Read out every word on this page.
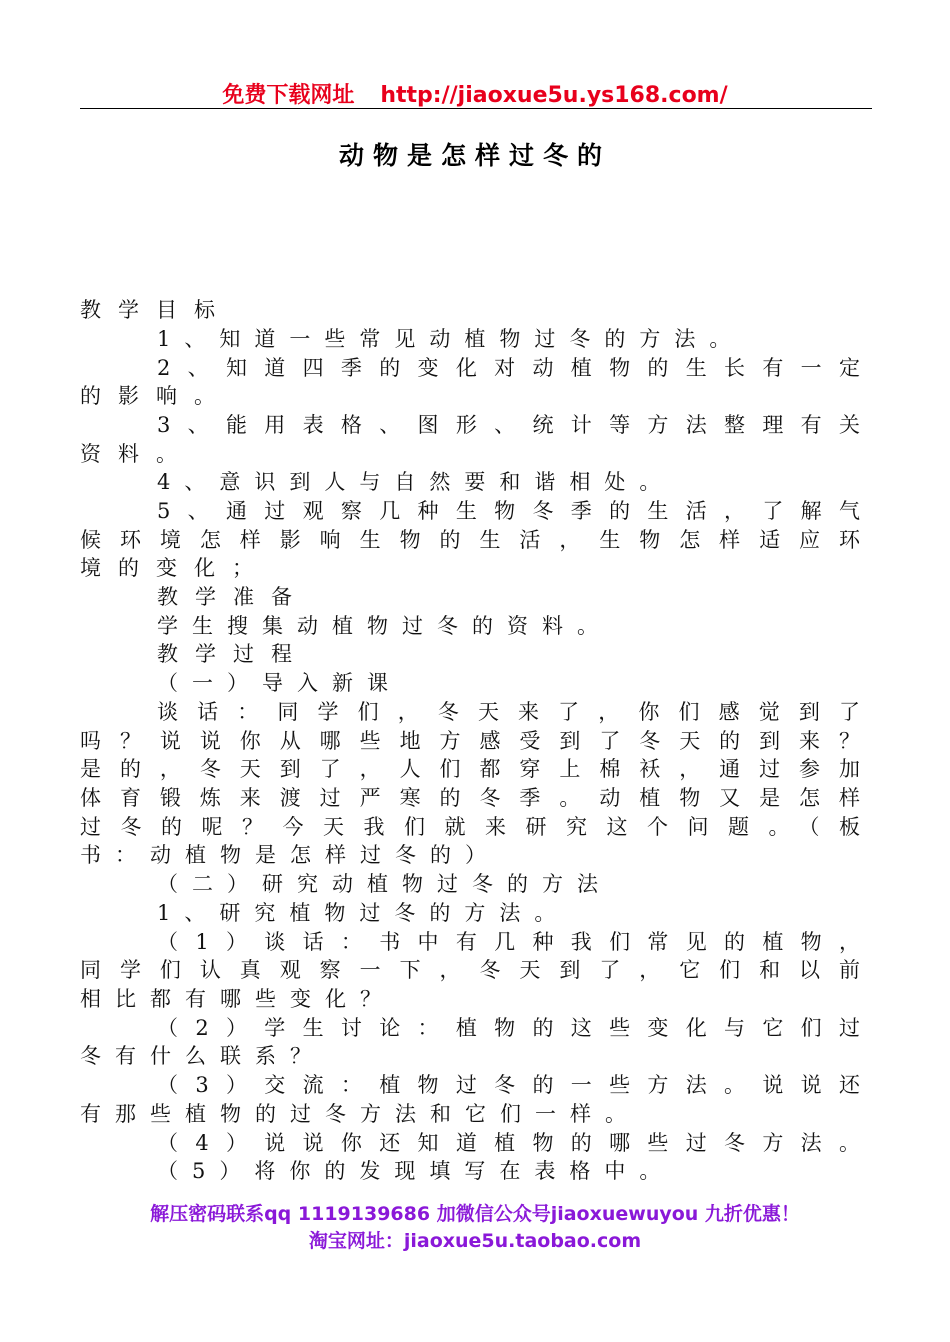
免费下载网址 http://jiaoxue5u.ys168.com/
动物是怎样过冬的
教学目标
1、知道一些常见动植物过冬的方法。
2、知道四季的变化对动植物的生长有一定
的影响。
3、能用表格、图形、统计等方法整理有关
资料。
4、意识到人与自然要和谐相处。
5、通过观察几种生物冬季的生活，了解气
候环境怎样影响生物的生活，生物怎样适应环
境的变化；
教学准备
学生搜集动植物过冬的资料。
教学过程
（一）导入新课
谈话：同学们，冬天来了，你们感觉到了
吗？说说你从哪些地方感受到了冬天的到来？
是的，冬天到了，人们都穿上棉袄，通过参加
体育锻炼来渡过严寒的冬季。动植物又是怎样
过冬的呢？今天我们就来研究这个问题。（板
书：动植物是怎样过冬的）
（二）研究动植物过冬的方法
1、研究植物过冬的方法。
（1）谈话：书中有几种我们常见的植物，
同学们认真观察一下，冬天到了，它们和以前
相比都有哪些变化？
（2）学生讨论：植物的这些变化与它们过
冬有什么联系？
（3）交流：植物过冬的一些方法。说说还
有那些植物的过冬方法和它们一样。
（4）说说你还知道植物的哪些过冬方法。
（5）将你的发现填写在表格中。
解压密码联系qq 1119139686 加微信公众号jiaoxuewuyou 九折优惠！
淘宝网址：jiaoxue5u.taobao.com
